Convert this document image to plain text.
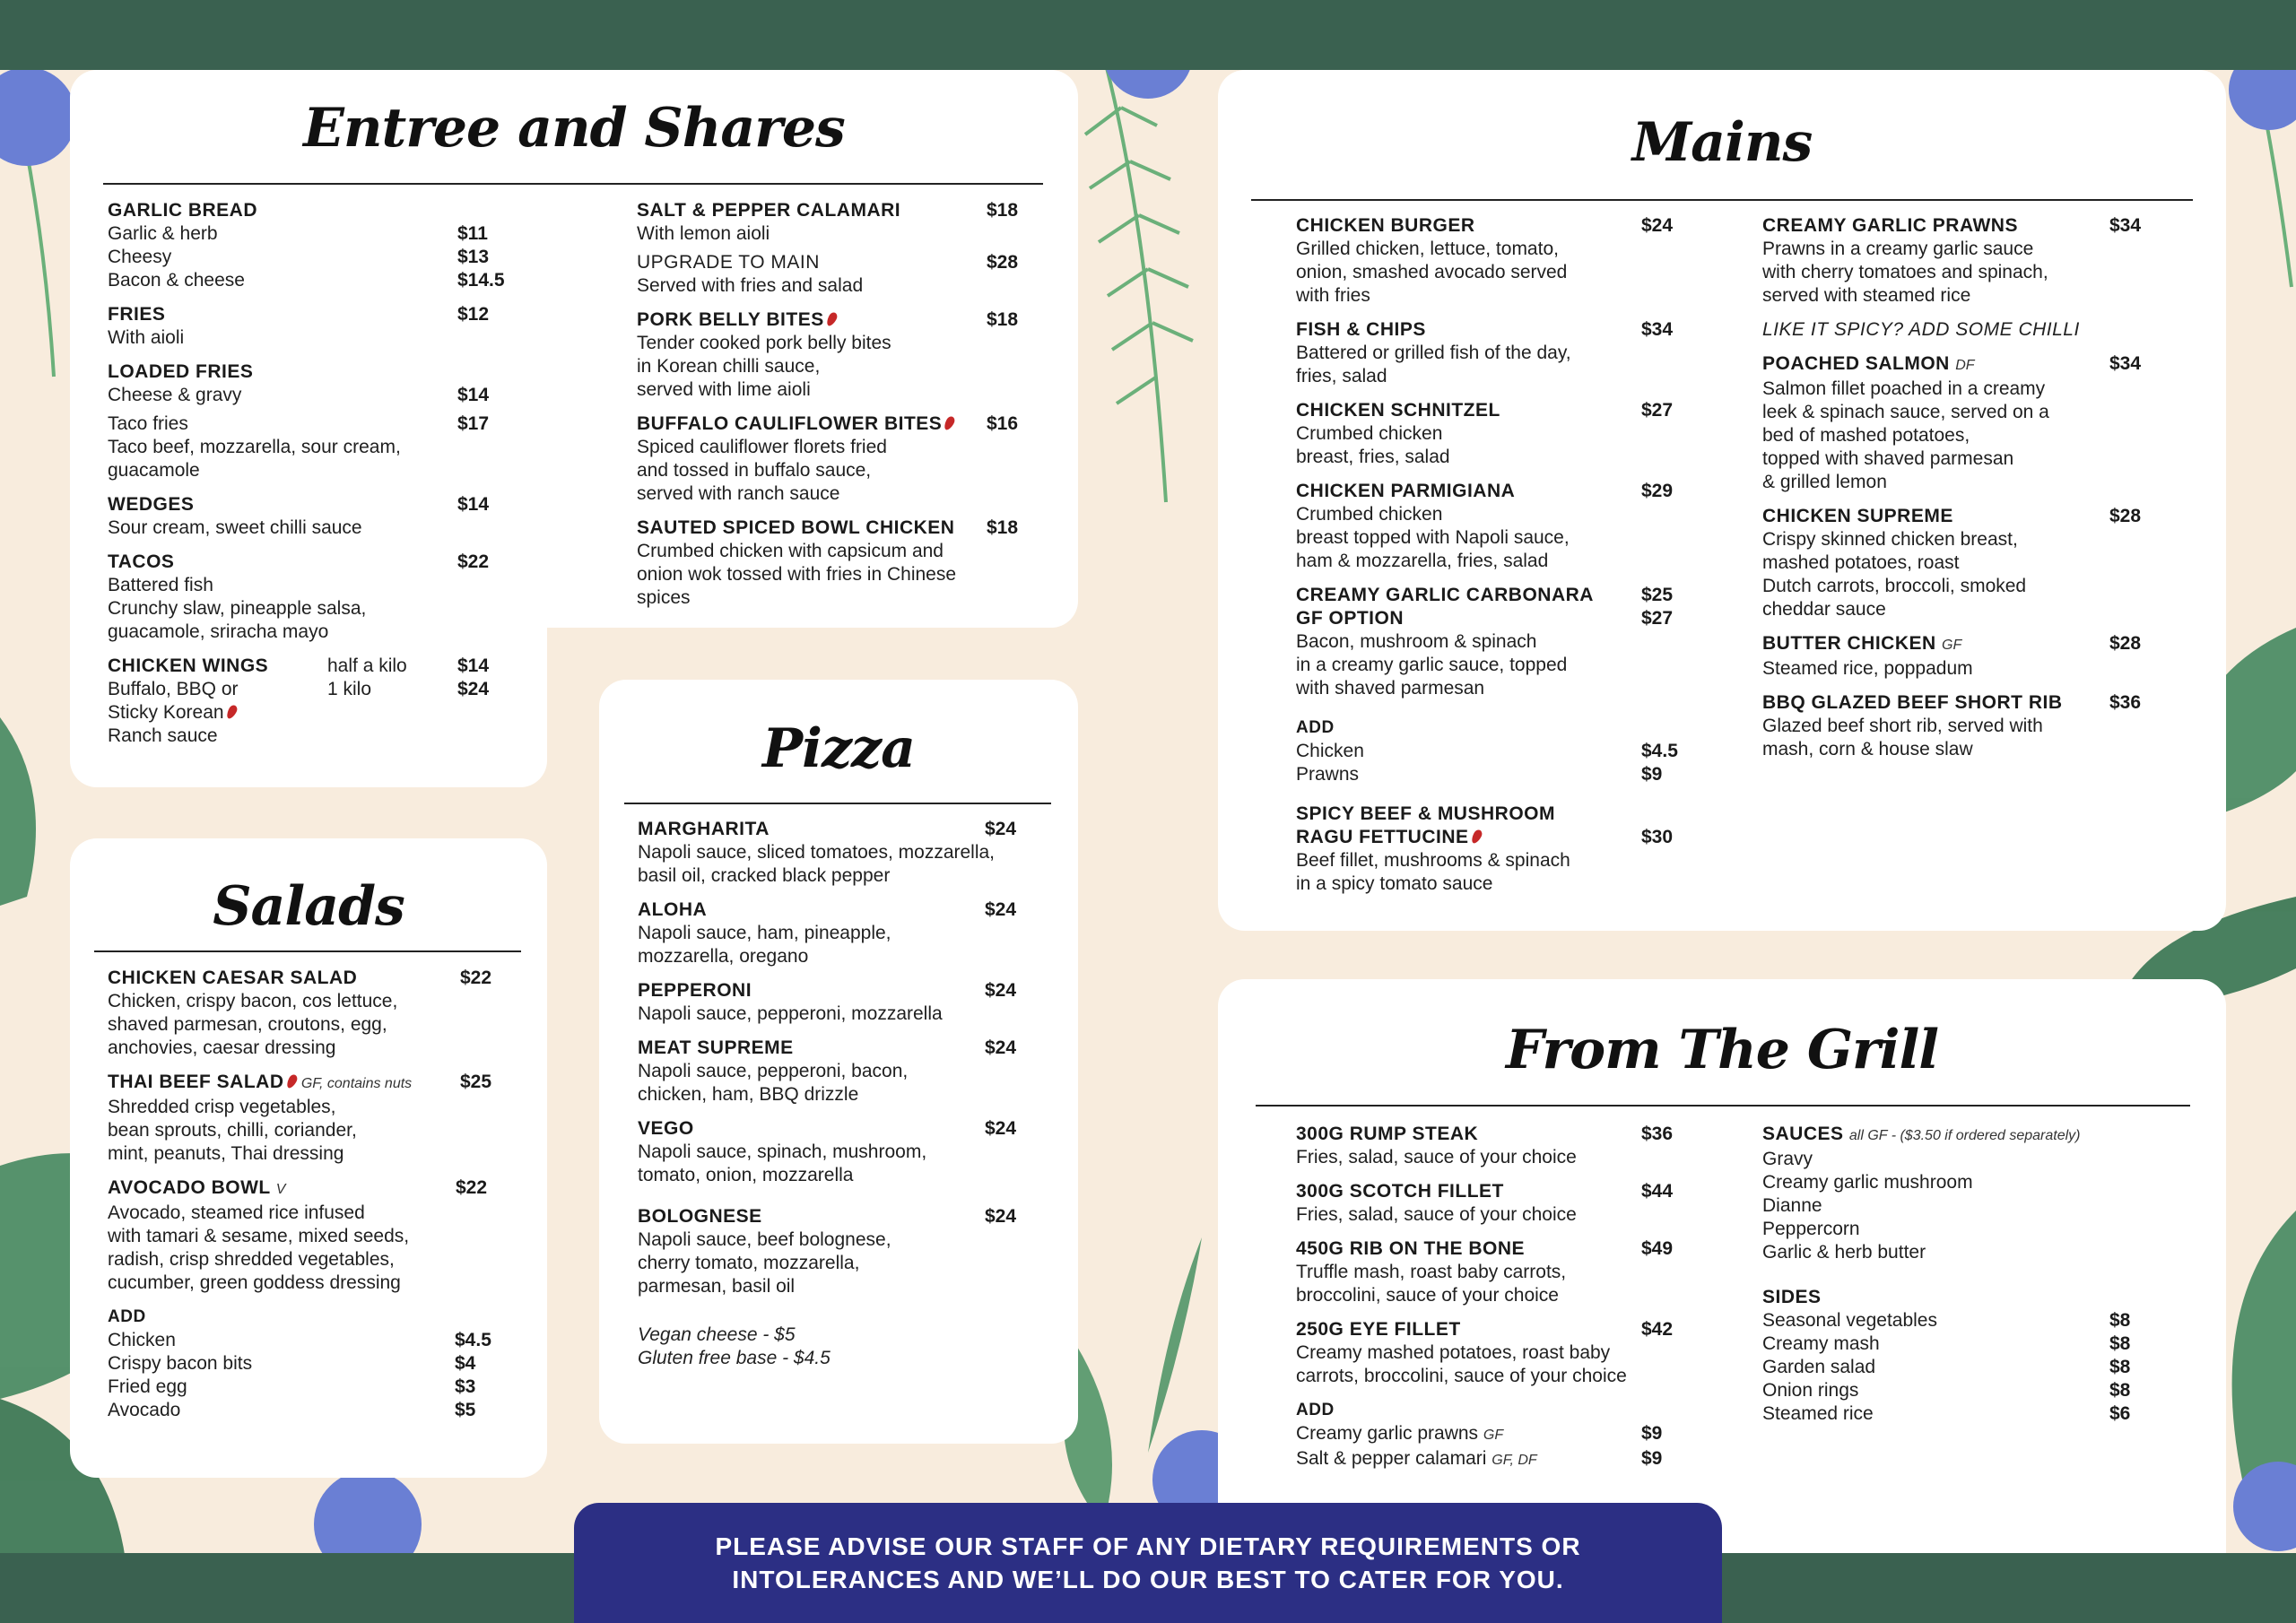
Entree and Shares
GARLIC BREAD
Garlic & herb	$11
Cheesy	$13
Bacon & cheese	$14.5
FRIES	$12
With aioli
LOADED FRIES
Cheese & gravy	$14
Taco fries	$17
Taco beef, mozzarella, sour cream,
guacamole
WEDGES	$14
Sour cream, sweet chilli sauce
TACOS	$22
Battered fish
Crunchy slaw, pineapple salsa,
guacamole, sriracha mayo
CHICKEN WINGS	half a kilo	$14
Buffalo, BBQ or	1 kilo	$24
Sticky Korean
Ranch sauce
SALT & PEPPER CALAMARI	$18
With lemon aioli
UPGRADE TO MAIN	$28
Served with fries and salad
PORK BELLY BITES	$18
Tender cooked pork belly bites
in Korean chilli sauce,
served with lime aioli
BUFFALO CAULIFLOWER BITES	$16
Spiced cauliflower florets fried
and tossed in buffalo sauce,
served with ranch sauce
SAUTED SPICED BOWL CHICKEN	$18
Crumbed chicken with capsicum and
onion wok tossed with fries in Chinese
spices
Salads
CHICKEN CAESAR SALAD	$22
Chicken, crispy bacon, cos lettuce,
shaved parmesan, croutons, egg,
anchovies, caesar dressing
THAI BEEF SALAD GF, contains nuts	$25
Shredded crisp vegetables,
bean sprouts, chilli, coriander,
mint, peanuts, Thai dressing
AVOCADO BOWL V	$22
Avocado, steamed rice infused
with tamari & sesame, mixed seeds,
radish, crisp shredded vegetables,
cucumber, green goddess dressing
ADD
Chicken	$4.5
Crispy bacon bits	$4
Fried egg	$3
Avocado	$5
Pizza
MARGHARITA	$24
Napoli sauce, sliced tomatoes, mozzarella,
basil oil, cracked black pepper
ALOHA	$24
Napoli sauce, ham, pineapple,
mozzarella, oregano
PEPPERONI	$24
Napoli sauce, pepperoni, mozzarella
MEAT SUPREME	$24
Napoli sauce, pepperoni, bacon,
chicken, ham, BBQ drizzle
VEGO	$24
Napoli sauce, spinach, mushroom,
tomato, onion, mozzarella
BOLOGNESE	$24
Napoli sauce, beef bolognese,
cherry tomato, mozzarella,
parmesan, basil oil
Vegan cheese - $5
Gluten free base - $4.5
Mains
CHICKEN BURGER	$24
Grilled chicken, lettuce, tomato,
onion, smashed avocado served
with fries
FISH & CHIPS	$34
Battered or grilled fish of the day,
fries, salad
CHICKEN SCHNITZEL	$27
Crumbed chicken
breast, fries, salad
CHICKEN PARMIGIANA	$29
Crumbed chicken
breast topped with Napoli sauce,
ham & mozzarella, fries, salad
CREAMY GARLIC CARBONARA	$25
GF OPTION	$27
Bacon, mushroom & spinach
in a creamy garlic sauce, topped
with shaved parmesan
ADD
Chicken	$4.5
Prawns	$9
SPICY BEEF & MUSHROOM
RAGU FETTUCINE	$30
Beef fillet, mushrooms & spinach
in a spicy tomato sauce
CREAMY GARLIC PRAWNS	$34
Prawns in a creamy garlic sauce
with cherry tomatoes and spinach,
served with steamed rice
LIKE IT SPICY? ADD SOME CHILLI
POACHED SALMON DF	$34
Salmon fillet poached in a creamy
leek & spinach sauce, served on a
bed of mashed potatoes,
topped with shaved parmesan
& grilled lemon
CHICKEN SUPREME	$28
Crispy skinned chicken breast,
mashed potatoes, roast
Dutch carrots, broccoli, smoked
cheddar sauce
BUTTER CHICKEN GF	$28
Steamed rice, poppadum
BBQ GLAZED BEEF SHORT RIB	$36
Glazed beef short rib, served with
mash, corn & house slaw
From The Grill
300G RUMP STEAK	$36
Fries, salad, sauce of your choice
300G SCOTCH FILLET	$44
Fries, salad, sauce of your choice
450G RIB ON THE BONE	$49
Truffle mash, roast baby carrots,
broccolini, sauce of your choice
250G EYE FILLET	$42
Creamy mashed potatoes, roast baby
carrots, broccolini, sauce of your choice
ADD
Creamy garlic prawns GF	$9
Salt & pepper calamari GF, DF	$9
SAUCES all GF - ($3.50 if ordered separately)
Gravy
Creamy garlic mushroom
Dianne
Peppercorn
Garlic & herb butter
SIDES
Seasonal vegetables	$8
Creamy mash	$8
Garden salad	$8
Onion rings	$8
Steamed rice	$6
PLEASE ADVISE OUR STAFF OF ANY DIETARY REQUIREMENTS OR
INTOLERANCES AND WE’LL DO OUR BEST TO CATER FOR YOU.
